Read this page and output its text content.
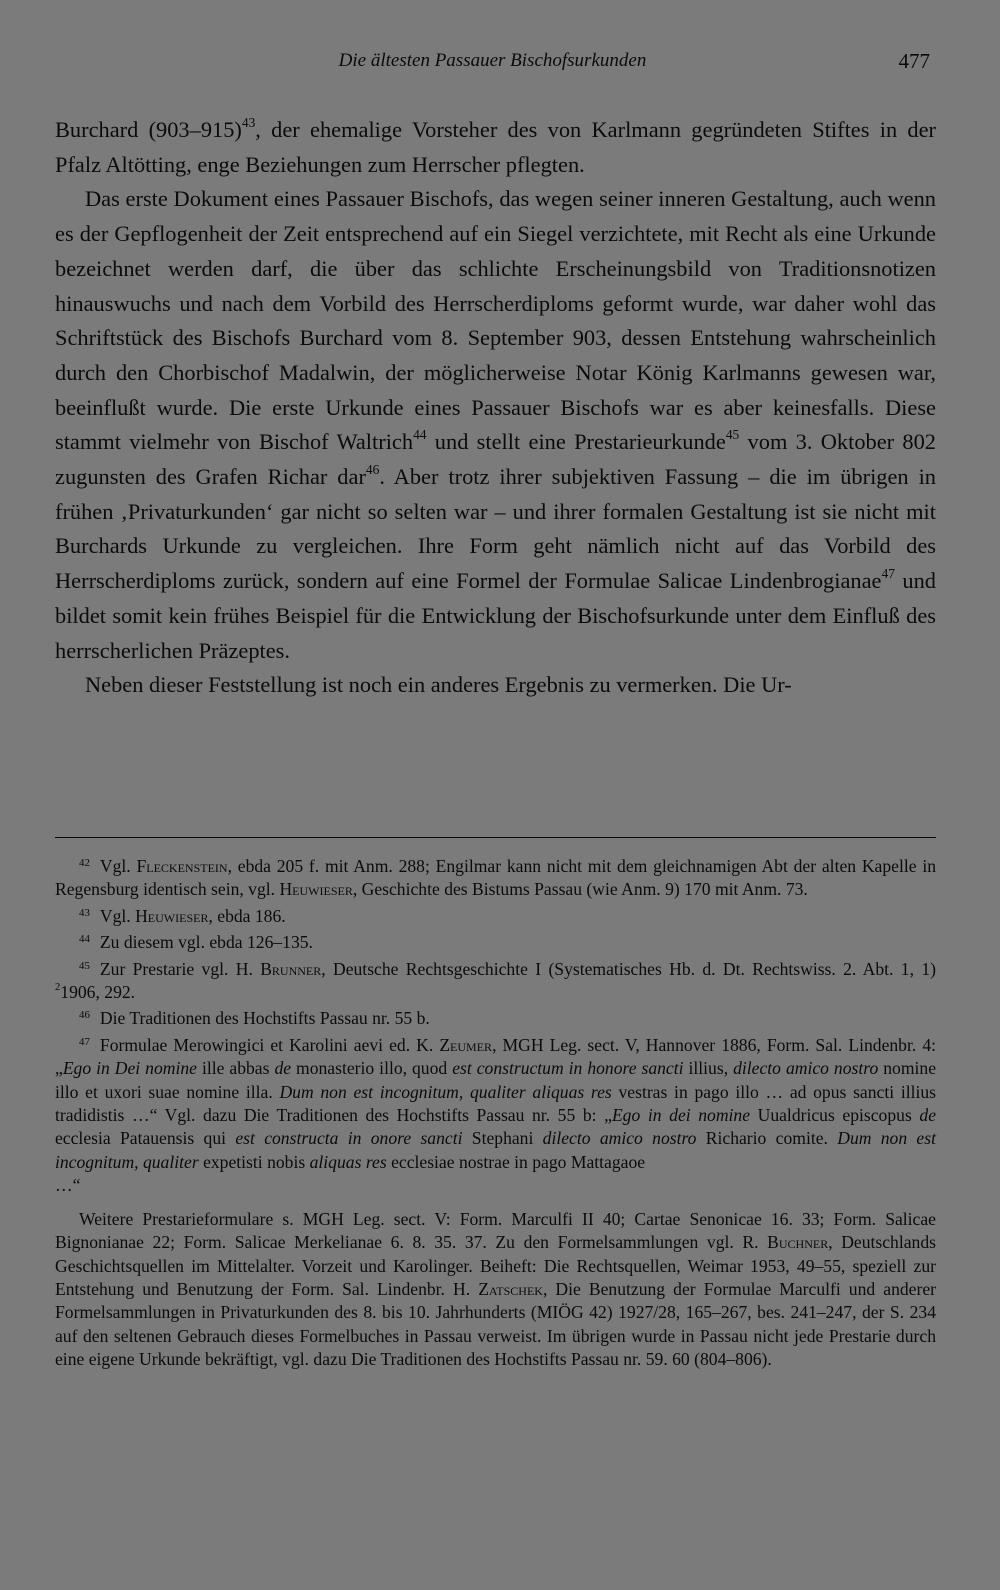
Die ältesten Passauer Bischofsurkunden	477

Burchard $(903-915)^{43}$, der ehemalige Vorsteher des von Karlmann gegründeten Stiftes in der Pfalz Altötting, enge Beziehungen zum Herrscher pflegten.

Das erste Dokument eines Passauer Bischofs, das wegen seiner inneren Gestaltung, auch wenn es der Gepflogenheit der Zeit entsprechend auf ein Siegel verzichtete, mit Recht als eine Urkunde bezeichnet werden darf, die über das schlichte Erscheinungsbild von Traditionsnotizen hinauswuchs und nach dem Vorbild des Herrscherdiploms geformt wurde, war daher wohl das Schriftstück des Bischofs Burchard vom 8. September 903, dessen Entstehung wahrscheinlich durch den Chorbischof Madalwin, der möglicherweise Notar König Karlmanns gewesen war, beeinflußt wurde. Die erste Urkunde eines Passauer Bischofs war es aber keinesfalls. Diese stammt vielmehr von Bischof Waltrich$^{44}$ und stellt eine Prestarieurkunde$^{45}$ vom 3. Oktober 802 zugunsten des Grafen Richar dar$^{46}$. Aber trotz ihrer subjektiven Fassung – die im übrigen in frühen ‚Privaturkunden‘ gar nicht so selten war – und ihrer formalen Gestaltung ist sie nicht mit Burchards Urkunde zu vergleichen. Ihre Form geht nämlich nicht auf das Vorbild des Herrscherdiploms zurück, sondern auf eine Formel der Formulae Salicae Lindenbrogianae$^{47}$ und bildet somit kein frühes Beispiel für die Entwicklung der Bischofsurkunde unter dem Einfluß des herrscherlichen Präzeptes.

Neben dieser Feststellung ist noch ein anderes Ergebnis zu vermerken. Die Ur-

$^{42}$ Vgl. Fleckenstein, ebda 205 f. mit Anm. 288; Engilmar kann nicht mit dem gleichnamigen Abt der alten Kapelle in Regensburg identisch sein, vgl. Heuwieser, Geschichte des Bistums Passau (wie Anm. 9) 170 mit Anm. 73.

$^{43}$ Vgl. Heuwieser, ebda 186.

$^{44}$ Zu diesem vgl. ebda 126–135.

$^{45}$ Zur Prestarie vgl. H. Brunner, Deutsche Rechtsgeschichte I (Systematisches Hb. d. Dt. Rechtswiss. 2. Abt. 1, 1) $^2$1906, 292.

$^{46}$ Die Traditionen des Hochstifts Passau nr. 55 b.

$^{47}$ Formulae Merowingici et Karolini aevi ed. K. Zeumer, MGH Leg. sect. V, Hannover 1886, Form. Sal. Lindenbr. 4: „Ego in Dei nomine ille abbas de monasterio illo, quod est constructum in honore sancti illius, dilecto amico nostro nomine illo et uxori suae nomine illa. Dum non est incognitum, qualiter aliquas res vestras in pago illo … ad opus sancti illius tradidistis …“ Vgl. dazu Die Traditionen des Hochstifts Passau nr. 55 b: „Ego in dei nomine Uualdricus episcopus de ecclesia Patauensis qui est constructa in onore sancti Stephani dilecto amico nostro Richario comite. Dum non est incognitum, qualiter expetisti nobis aliquas res ecclesiae nostrae in pago Mattagaoe

…“

Weitere Prestarieformulare s. MGH Leg. sect. V: Form. Marculfi II 40; Cartae Senonicae 16. 33; Form. Salicae Bignonianae 22; Form. Salicae Merkelianae 6. 8. 35. 37. Zu den Formelsammlungen vgl. R. Buchner, Deutschlands Geschichtsquellen im Mittelalter. Vorzeit und Karolinger. Beiheft: Die Rechtsquellen, Weimar 1953, 49–55, speziell zur Entstehung und Benutzung der Form. Sal. Lindenbr. H. Zatschek, Die Benutzung der Formulae Marculfi und anderer Formelsammlungen in Privaturkunden des 8. bis 10. Jahrhunderts (MIÖG 42) 1927/28, 165–267, bes. 241–247, der S. 234 auf den seltenen Gebrauch dieses Formelbuches in Passau verweist. Im übrigen wurde in Passau nicht jede Prestarie durch eine eigene Urkunde bekräftigt, vgl. dazu Die Traditionen des Hochstifts Passau nr. 59. 60 (804–806).
